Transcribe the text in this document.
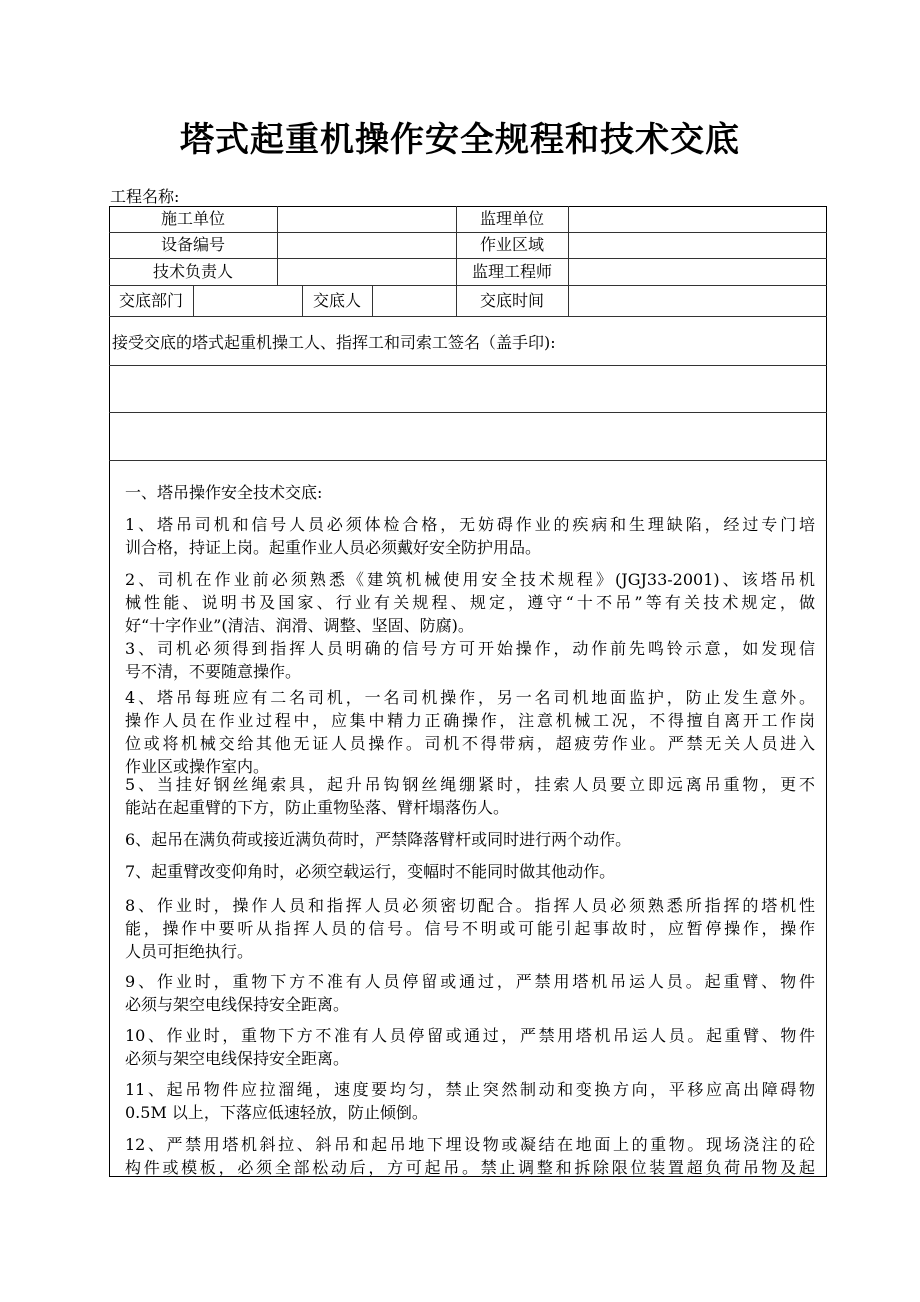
塔式起重机操作安全规程和技术交底
工程名称:
施工单位	监理单位
设备编号	作业区域
技术负责人	监理工程师
交底部门	交底人	交底时间
接受交底的塔式起重机操工人、指挥工和司索工签名（盖手印):
一、塔吊操作安全技术交底:
1、塔吊司机和信号人员必须体检合格，无妨碍作业的疾病和生理缺陷，经过专门培
训合格，持证上岗。起重作业人员必须戴好安全防护用品。
2、司机在作业前必须熟悉《建筑机械使用安全技术规程》(JGJ33-2001)、该塔吊机
械性能、说明书及国家、行业有关规程、规定，遵守“十不吊”等有关技术规定，做
好“十字作业”(清洁、润滑、调整、坚固、防腐)。
3、司机必须得到指挥人员明确的信号方可开始操作，动作前先鸣铃示意，如发现信
号不清，不要随意操作。
4、塔吊每班应有二名司机，一名司机操作，另一名司机地面监护，防止发生意外。
操作人员在作业过程中，应集中精力正确操作，注意机械工况，不得擅自离开工作岗
位或将机械交给其他无证人员操作。司机不得带病，超疲劳作业。严禁无关人员进入
作业区或操作室内。
5、当挂好钢丝绳索具，起升吊钩钢丝绳绷紧时，挂索人员要立即远离吊重物，更不
能站在起重臂的下方，防止重物坠落、臂杆塌落伤人。
6、起吊在满负荷或接近满负荷时，严禁降落臂杆或同时进行两个动作。
7、起重臂改变仰角时，必须空载运行，变幅时不能同时做其他动作。
8、作业时，操作人员和指挥人员必须密切配合。指挥人员必须熟悉所指挥的塔机性
能，操作中要听从指挥人员的信号。信号不明或可能引起事故时，应暂停操作，操作
人员可拒绝执行。
9、作业时，重物下方不准有人员停留或通过，严禁用塔机吊运人员。起重臂、物件
必须与架空电线保持安全距离。
10、作业时，重物下方不准有人员停留或通过，严禁用塔机吊运人员。起重臂、物件
必须与架空电线保持安全距离。
11、起吊物件应拉溜绳，速度要均匀，禁止突然制动和变换方向，平移应高出障碍物
0.5M 以上，下落应低速轻放，防止倾倒。
12、严禁用塔机斜拉、斜吊和起吊地下埋设物或凝结在地面上的重物。现场浇注的砼
构件或模板，必须全部松动后，方可起吊。禁止调整和拆除限位装置超负荷吊物及起
